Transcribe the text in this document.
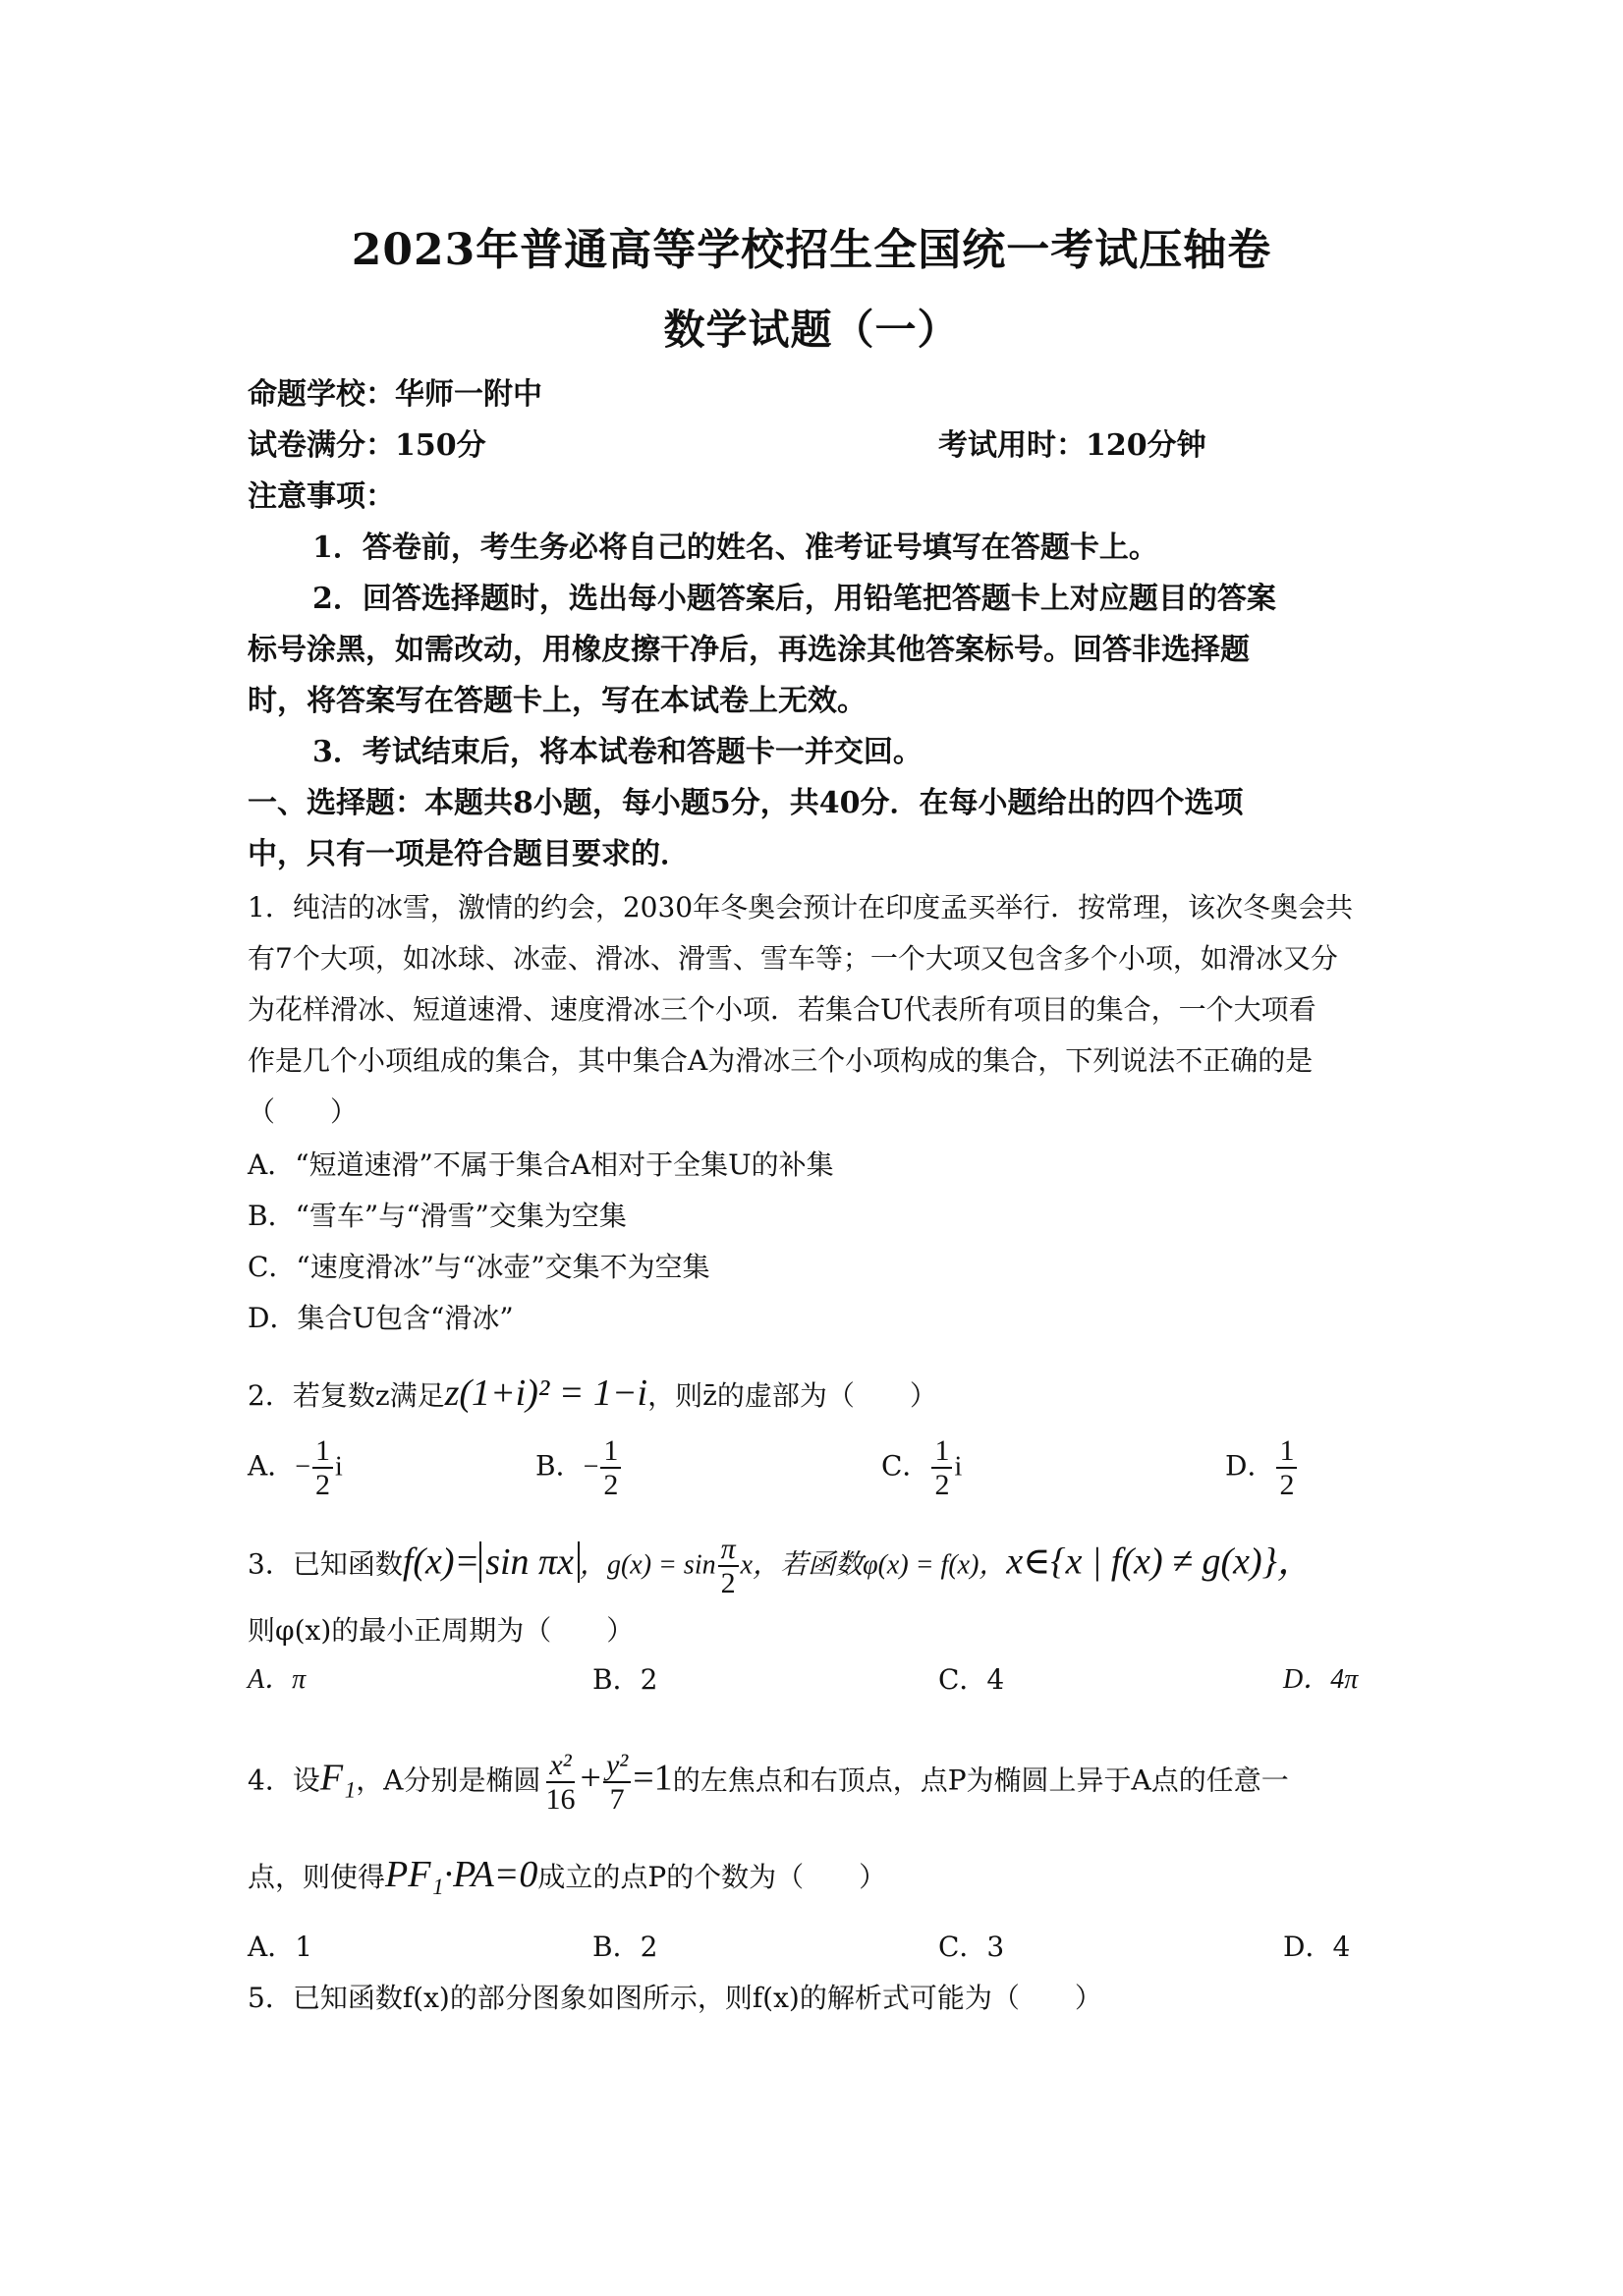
2023年普通高等学校招生全国统一考试压轴卷
数学试题（一）
命题学校：华师一附中
试卷满分：150分	考试用时：120分钟
注意事项：
1．答卷前，考生务必将自己的姓名、准考证号填写在答题卡上。
2．回答选择题时，选出每小题答案后，用铅笔把答题卡上对应题目的答案
标号涂黑，如需改动，用橡皮擦干净后，再选涂其他答案标号。回答非选择题
时，将答案写在答题卡上，写在本试卷上无效。
3．考试结束后，将本试卷和答题卡一并交回。
一、选择题：本题共8小题，每小题5分，共40分．在每小题给出的四个选项
中，只有一项是符合题目要求的．
1．纯洁的冰雪，激情的约会，2030年冬奥会预计在印度孟买举行．按常理，该次冬奥会共
有7个大项，如冰球、冰壶、滑冰、滑雪、雪车等；一个大项又包含多个小项，如滑冰又分
为花样滑冰、短道速滑、速度滑冰三个小项．若集合U代表所有项目的集合，一个大项看
作是几个小项组成的集合，其中集合A为滑冰三个小项构成的集合，下列说法不正确的是
（　　）
A．“短道速滑”不属于集合A相对于全集U的补集
B．“雪车”与“滑雪”交集为空集
C．“速度滑冰”与“冰壶”交集不为空集
D．集合U包含“滑冰”
2．若复数z满足z(1+i)² = 1−i，则z̄的虚部为（　　）
A．− $\frac{1}{2}$ i	B．− $\frac{1}{2}$	C． $\frac{1}{2}$ i	D． $\frac{1}{2}$
3．已知函数f(x)= sin πx ，$g(x) = \sin \frac{\pi}{2}$ x，若函数φ(x) = f(x)，x∈{x | f(x) ≠ g(x)}，
则φ(x)的最小正周期为（　　）
A．π	B．2	C．4	D．4π
4．设F₁，A分别是椭圆 $\frac{\text{x²}}{16} + \frac{\text{y²}}{7} =1$的左焦点和右顶点，点P为椭圆上异于A点的任意一
点，则使得PF₁·PA=0成立的点P的个数为（　　）
A．1	B．2	C．3	D．4
5．已知函数f(x)的部分图象如图所示，则f(x)的解析式可能为（　　）
